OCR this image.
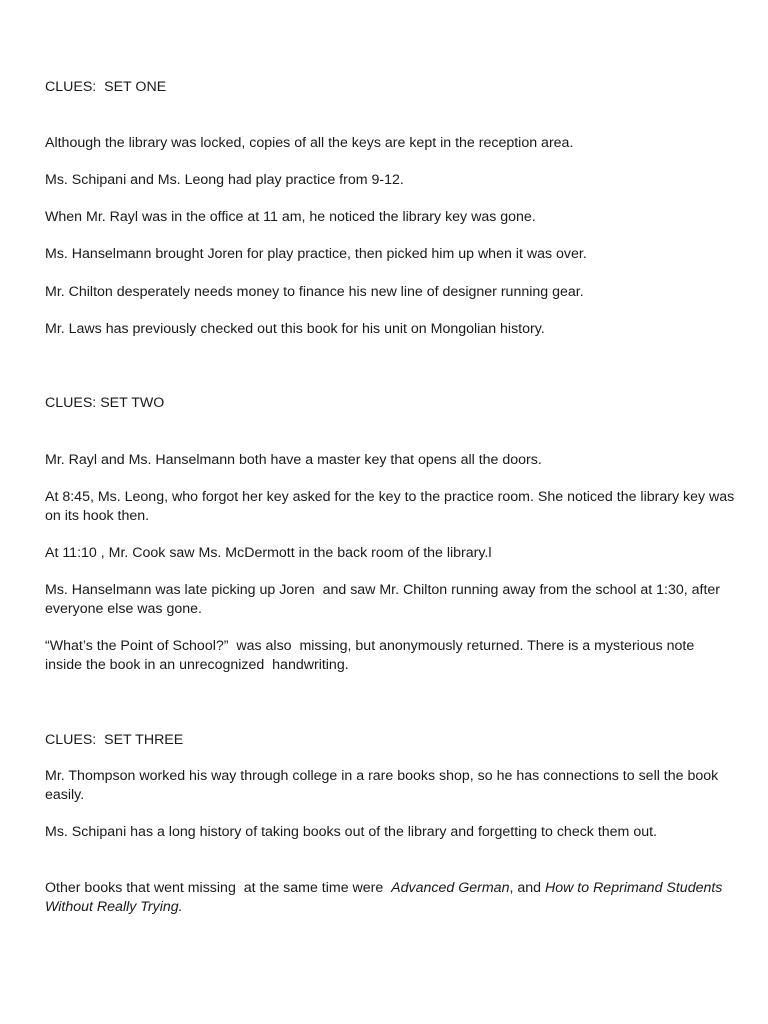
CLUES:  SET ONE

Although the library was locked, copies of all the keys are kept in the reception area.

Ms. Schipani and Ms. Leong had play practice from 9-12.

When Mr. Rayl was in the office at 11 am, he noticed the library key was gone.

Ms. Hanselmann brought Joren for play practice, then picked him up when it was over.

Mr. Chilton desperately needs money to finance his new line of designer running gear.

Mr. Laws has previously checked out this book for his unit on Mongolian history.

CLUES: SET TWO

Mr. Rayl and Ms. Hanselmann both have a master key that opens all the doors.

At 8:45, Ms. Leong, who forgot her key asked for the key to the practice room. She noticed the library key was on its hook then.

At 11:10 , Mr. Cook saw Ms. McDermott in the back room of the library.l

Ms. Hanselmann was late picking up Joren  and saw Mr. Chilton running away from the school at 1:30, after everyone else was gone.

“What’s the Point of School?”  was also  missing, but anonymously returned. There is a mysterious note inside the book in an unrecognized  handwriting.

CLUES:  SET THREE

Mr. Thompson worked his way through college in a rare books shop, so he has connections to sell the book easily.

Ms. Schipani has a long history of taking books out of the library and forgetting to check them out.

Other books that went missing  at the same time were  Advanced German, and How to Reprimand Students Without Really Trying.
